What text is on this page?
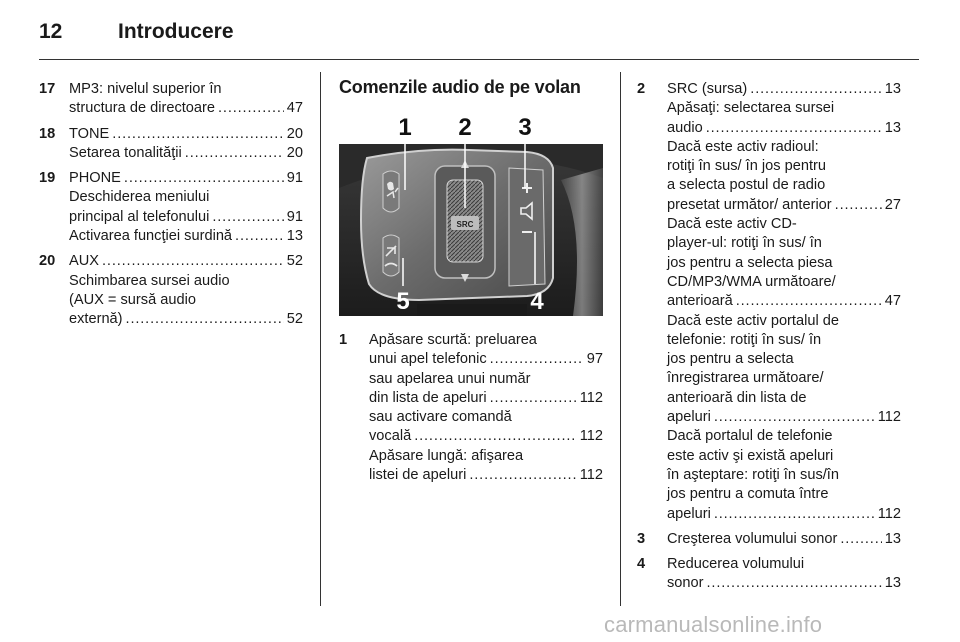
12	Introducere
17 MP3: nivelul superior în
structura de directoare . . .	47
18 TONE . . .	20
Setarea tonalităţii . . .	20
19 PHONE . . .	91
Deschiderea meniului
principal al telefonului . . .	91
Activarea funcţiei surdină . . .	13
20 AUX . . .	52
Schimbarea sursei audio
(AUX = sursă audio
externă) . . .	52
Comenzile audio de pe volan
SRC
1 2 3
4
5
1 Apăsare scurtă: preluarea
unui apel telefonic . . .	97
sau apelarea unui număr
din lista de apeluri . . .	112
sau activare comandă
vocală . . .	112
Apăsare lungă: afişarea
listei de apeluri . . .	112
2 SRC (sursa) . . .	13
Apăsaţi: selectarea sursei
audio . . .	13
Dacă este activ radioul:
rotiţi în sus/ în jos pentru
a selecta postul de radio
presetat următor/ anterior . . .	27
Dacă este activ CD-
player-ul: rotiţi în sus/ în
jos pentru a selecta piesa
CD/MP3/WMA următoare/
anterioară . . .	47
Dacă este activ portalul de
telefonie: rotiţi în sus/ în
jos pentru a selecta
înregistrarea următoare/
anterioară din lista de
apeluri . . .	112
Dacă portalul de telefonie
este activ şi există apeluri
în aşteptare: rotiţi în sus/în
jos pentru a comuta între
apeluri . . .	112
3 Creşterea volumului sonor . . .	13
4 Reducerea volumului
sonor . . .	13
carmanualsonline.info
